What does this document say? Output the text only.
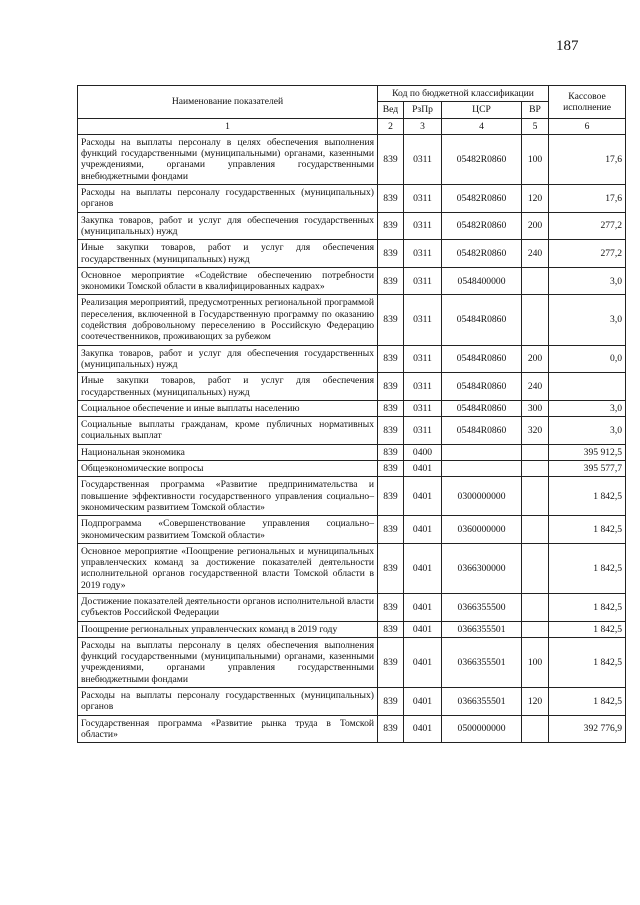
187
Наименование показателей	Код по бюджетной классификации				Кассовое исполнение
	Вед	РзПр	ЦСР	ВР	
1	2	3	4	5	6
Расходы на выплаты персоналу в целях обеспечения выполнения функций государственными (муниципальными) органами, казенными учреждениями, органами управления государственными внебюджетными фондами	839	0311	05482R0860	100	17,6
Расходы на выплаты персоналу государственных (муниципальных) органов	839	0311	05482R0860	120	17,6
Закупка товаров, работ и услуг для обеспечения государственных (муниципальных) нужд	839	0311	05482R0860	200	277,2
Иные закупки товаров, работ и услуг для обеспечения государственных (муниципальных) нужд	839	0311	05482R0860	240	277,2
Основное мероприятие «Содействие обеспечению потребности экономики Томской области в квалифицированных кадрах»	839	0311	0548400000		3,0
Реализация мероприятий, предусмотренных региональной программой переселения, включенной в Государственную программу по оказанию содействия добровольному переселению в Российскую Федерацию соотечественников, проживающих за рубежом	839	0311	05484R0860		3,0
Закупка товаров, работ и услуг для обеспечения государственных (муниципальных) нужд	839	0311	05484R0860	200	0,0
Иные закупки товаров, работ и услуг для обеспечения государственных (муниципальных) нужд	839	0311	05484R0860	240	
Социальное обеспечение и иные выплаты населению	839	0311	05484R0860	300	3,0
Социальные выплаты гражданам, кроме публичных нормативных социальных выплат	839	0311	05484R0860	320	3,0
Национальная экономика	839	0400			395 912,5
Общеэкономические вопросы	839	0401			395 577,7
Государственная программа «Развитие предпринимательства и повышение эффективности государственного управления социально–экономическим развитием Томской области»	839	0401	0300000000		1 842,5
Подпрограмма «Совершенствование управления социально–экономическим развитием Томской области»	839	0401	0360000000		1 842,5
Основное мероприятие «Поощрение региональных и муниципальных управленческих команд за достижение показателей деятельности исполнительной органов государственной власти Томской области в 2019 году»	839	0401	0366300000		1 842,5
Достижение показателей деятельности органов исполнительной власти субъектов Российской Федерации	839	0401	0366355500		1 842,5
Поощрение региональных управленческих команд в 2019 году	839	0401	0366355501		1 842,5
Расходы на выплаты персоналу в целях обеспечения выполнения функций государственными (муниципальными) органами, казенными учреждениями, органами управления государственными внебюджетными фондами	839	0401	0366355501	100	1 842,5
Расходы на выплаты персоналу государственных (муниципальных) органов	839	0401	0366355501	120	1 842,5
Государственная программа «Развитие рынка труда в Томской области»	839	0401	0500000000		392 776,9
